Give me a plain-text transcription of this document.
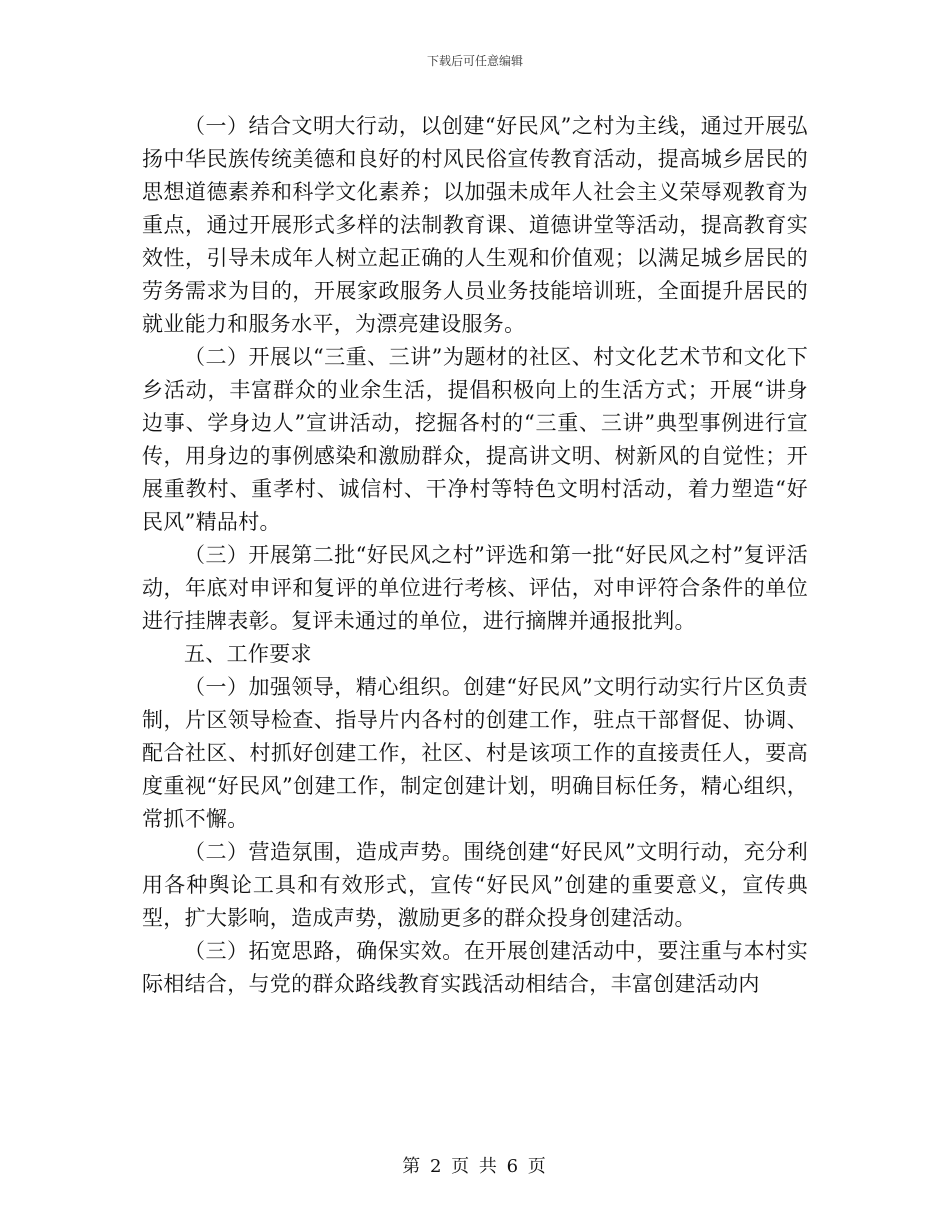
下载后可任意编辑

（一）结合文明大行动，以创建“好民风”之村为主线，通过开展弘扬中华民族传统美德和良好的村风民俗宣传教育活动，提高城乡居民的思想道德素养和科学文化素养；以加强未成年人社会主义荣辱观教育为重点，通过开展形式多样的法制教育课、道德讲堂等活动，提高教育实效性，引导未成年人树立起正确的人生观和价值观；以满足城乡居民的劳务需求为目的，开展家政服务人员业务技能培训班，全面提升居民的就业能力和服务水平，为漂亮建设服务。

（二）开展以“三重、三讲”为题材的社区、村文化艺术节和文化下乡活动，丰富群众的业余生活，提倡积极向上的生活方式；开展“讲身边事、学身边人”宣讲活动，挖掘各村的“三重、三讲”典型事例进行宣传，用身边的事例感染和激励群众，提高讲文明、树新风的自觉性；开展重教村、重孝村、诚信村、干净村等特色文明村活动，着力塑造“好民风”精品村。

（三）开展第二批“好民风之村”评选和第一批“好民风之村”复评活动，年底对申评和复评的单位进行考核、评估，对申评符合条件的单位进行挂牌表彰。复评未通过的单位，进行摘牌并通报批判。

五、工作要求

（一）加强领导，精心组织。创建“好民风”文明行动实行片区负责制，片区领导检查、指导片内各村的创建工作，驻点干部督促、协调、配合社区、村抓好创建工作，社区、村是该项工作的直接责任人，要高度重视“好民风”创建工作，制定创建计划，明确目标任务，精心组织，常抓不懈。

（二）营造氛围，造成声势。围绕创建“好民风”文明行动，充分利用各种舆论工具和有效形式，宣传“好民风”创建的重要意义，宣传典型，扩大影响，造成声势，激励更多的群众投身创建活动。

（三）拓宽思路，确保实效。在开展创建活动中，要注重与本村实际相结合，与党的群众路线教育实践活动相结合，丰富创建活动内

第 2 页 共 6 页
